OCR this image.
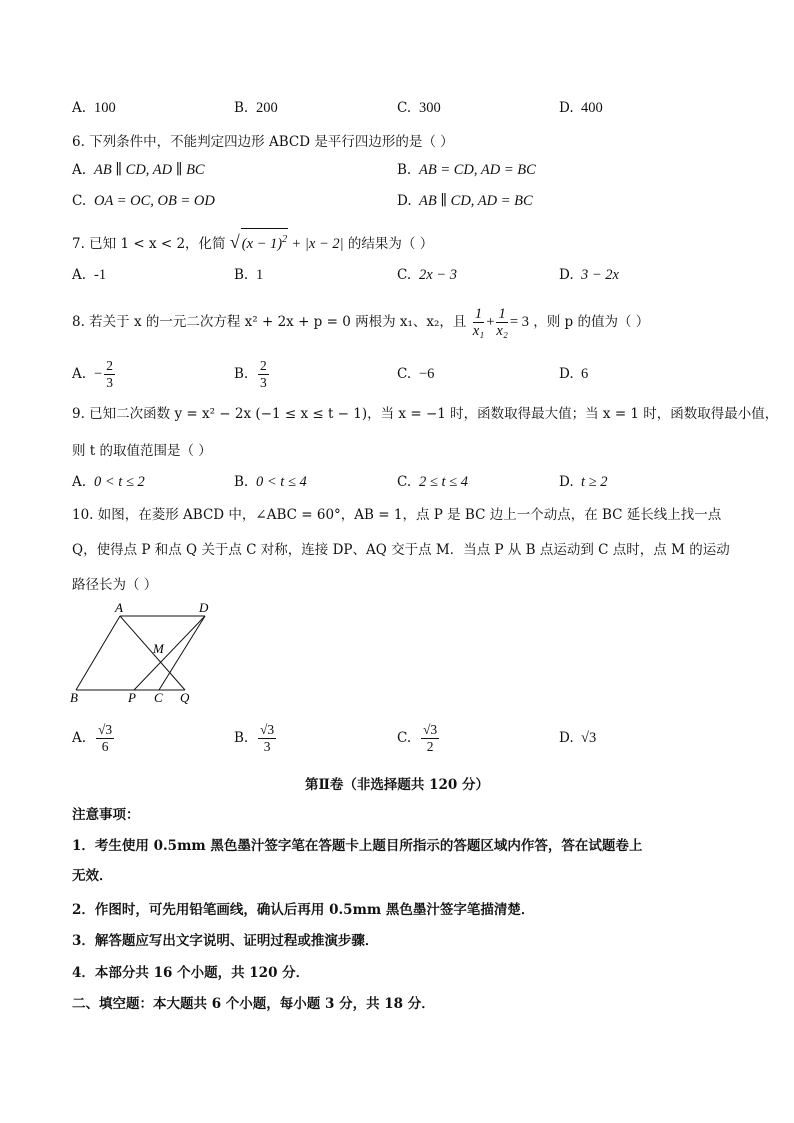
A. 100	B. 200	C. 300	D. 400
6. 下列条件中，不能判定四边形 ABCD 是平行四边形的是（ ）
A. AB ∥ CD, AD ∥ BC	B. AB = CD, AD = BC
C. OA = OC, OB = OD	D. AB ∥ CD, AD = BC
7. 已知 1 < x < 2，化简 √ $(x - 1)^2 + |x - 2|$ 的结果为（ ）
A. -1	B. 1	C. 2x − 3	D. 3 − 2x
8. 若关于 x 的一元二次方程 x² + 2x + p = 0 两根为 x₁、x₂，且 $\frac{1}{\text{x₁}} + \frac{1}{\text{x₂}} = 3$ ，则 p 的值为（ ）
A. − $\frac{2}{3}$	B. $\frac{2}{3}$	C. −6	D. 6
9. 已知二次函数 y = x² − 2x (−1 ≤ x ≤ t − 1)，当 x = −1 时，函数取得最大值；当 x = 1 时，函数取得最小值，
则 t 的取值范围是（ ）
A. 0 < t ≤ 2	B. 0 < t ≤ 4	C. 2 ≤ t ≤ 4	D. t ≥ 2
10. 如图，在菱形 ABCD 中，∠ABC = 60°，AB = 1，点 P 是 BC 边上一个动点，在 BC 延长线上找一点
Q，使得点 P 和点 Q 关于点 C 对称，连接 DP、AQ 交于点 M．当点 P 从 B 点运动到 C 点时，点 M 的运动
路径长为（ ）
A	D
M
B	P C Q
A. $\frac{√3}{6}$	B. $\frac{√3}{3}$	C. $\frac{√3}{2}$	D. √3
第Ⅱ卷（非选择题共 120 分）
注意事项：
1．考生使用 0.5mm 黑色墨汁签字笔在答题卡上题目所指示的答题区域内作答，答在试题卷上
无效．
2．作图时，可先用铅笔画线，确认后再用 0.5mm 黑色墨汁签字笔描清楚．
3．解答题应写出文字说明、证明过程或推演步骤．
4．本部分共 16 个小题，共 120 分．
二、填空题：本大题共 6 个小题，每小题 3 分，共 18 分．
